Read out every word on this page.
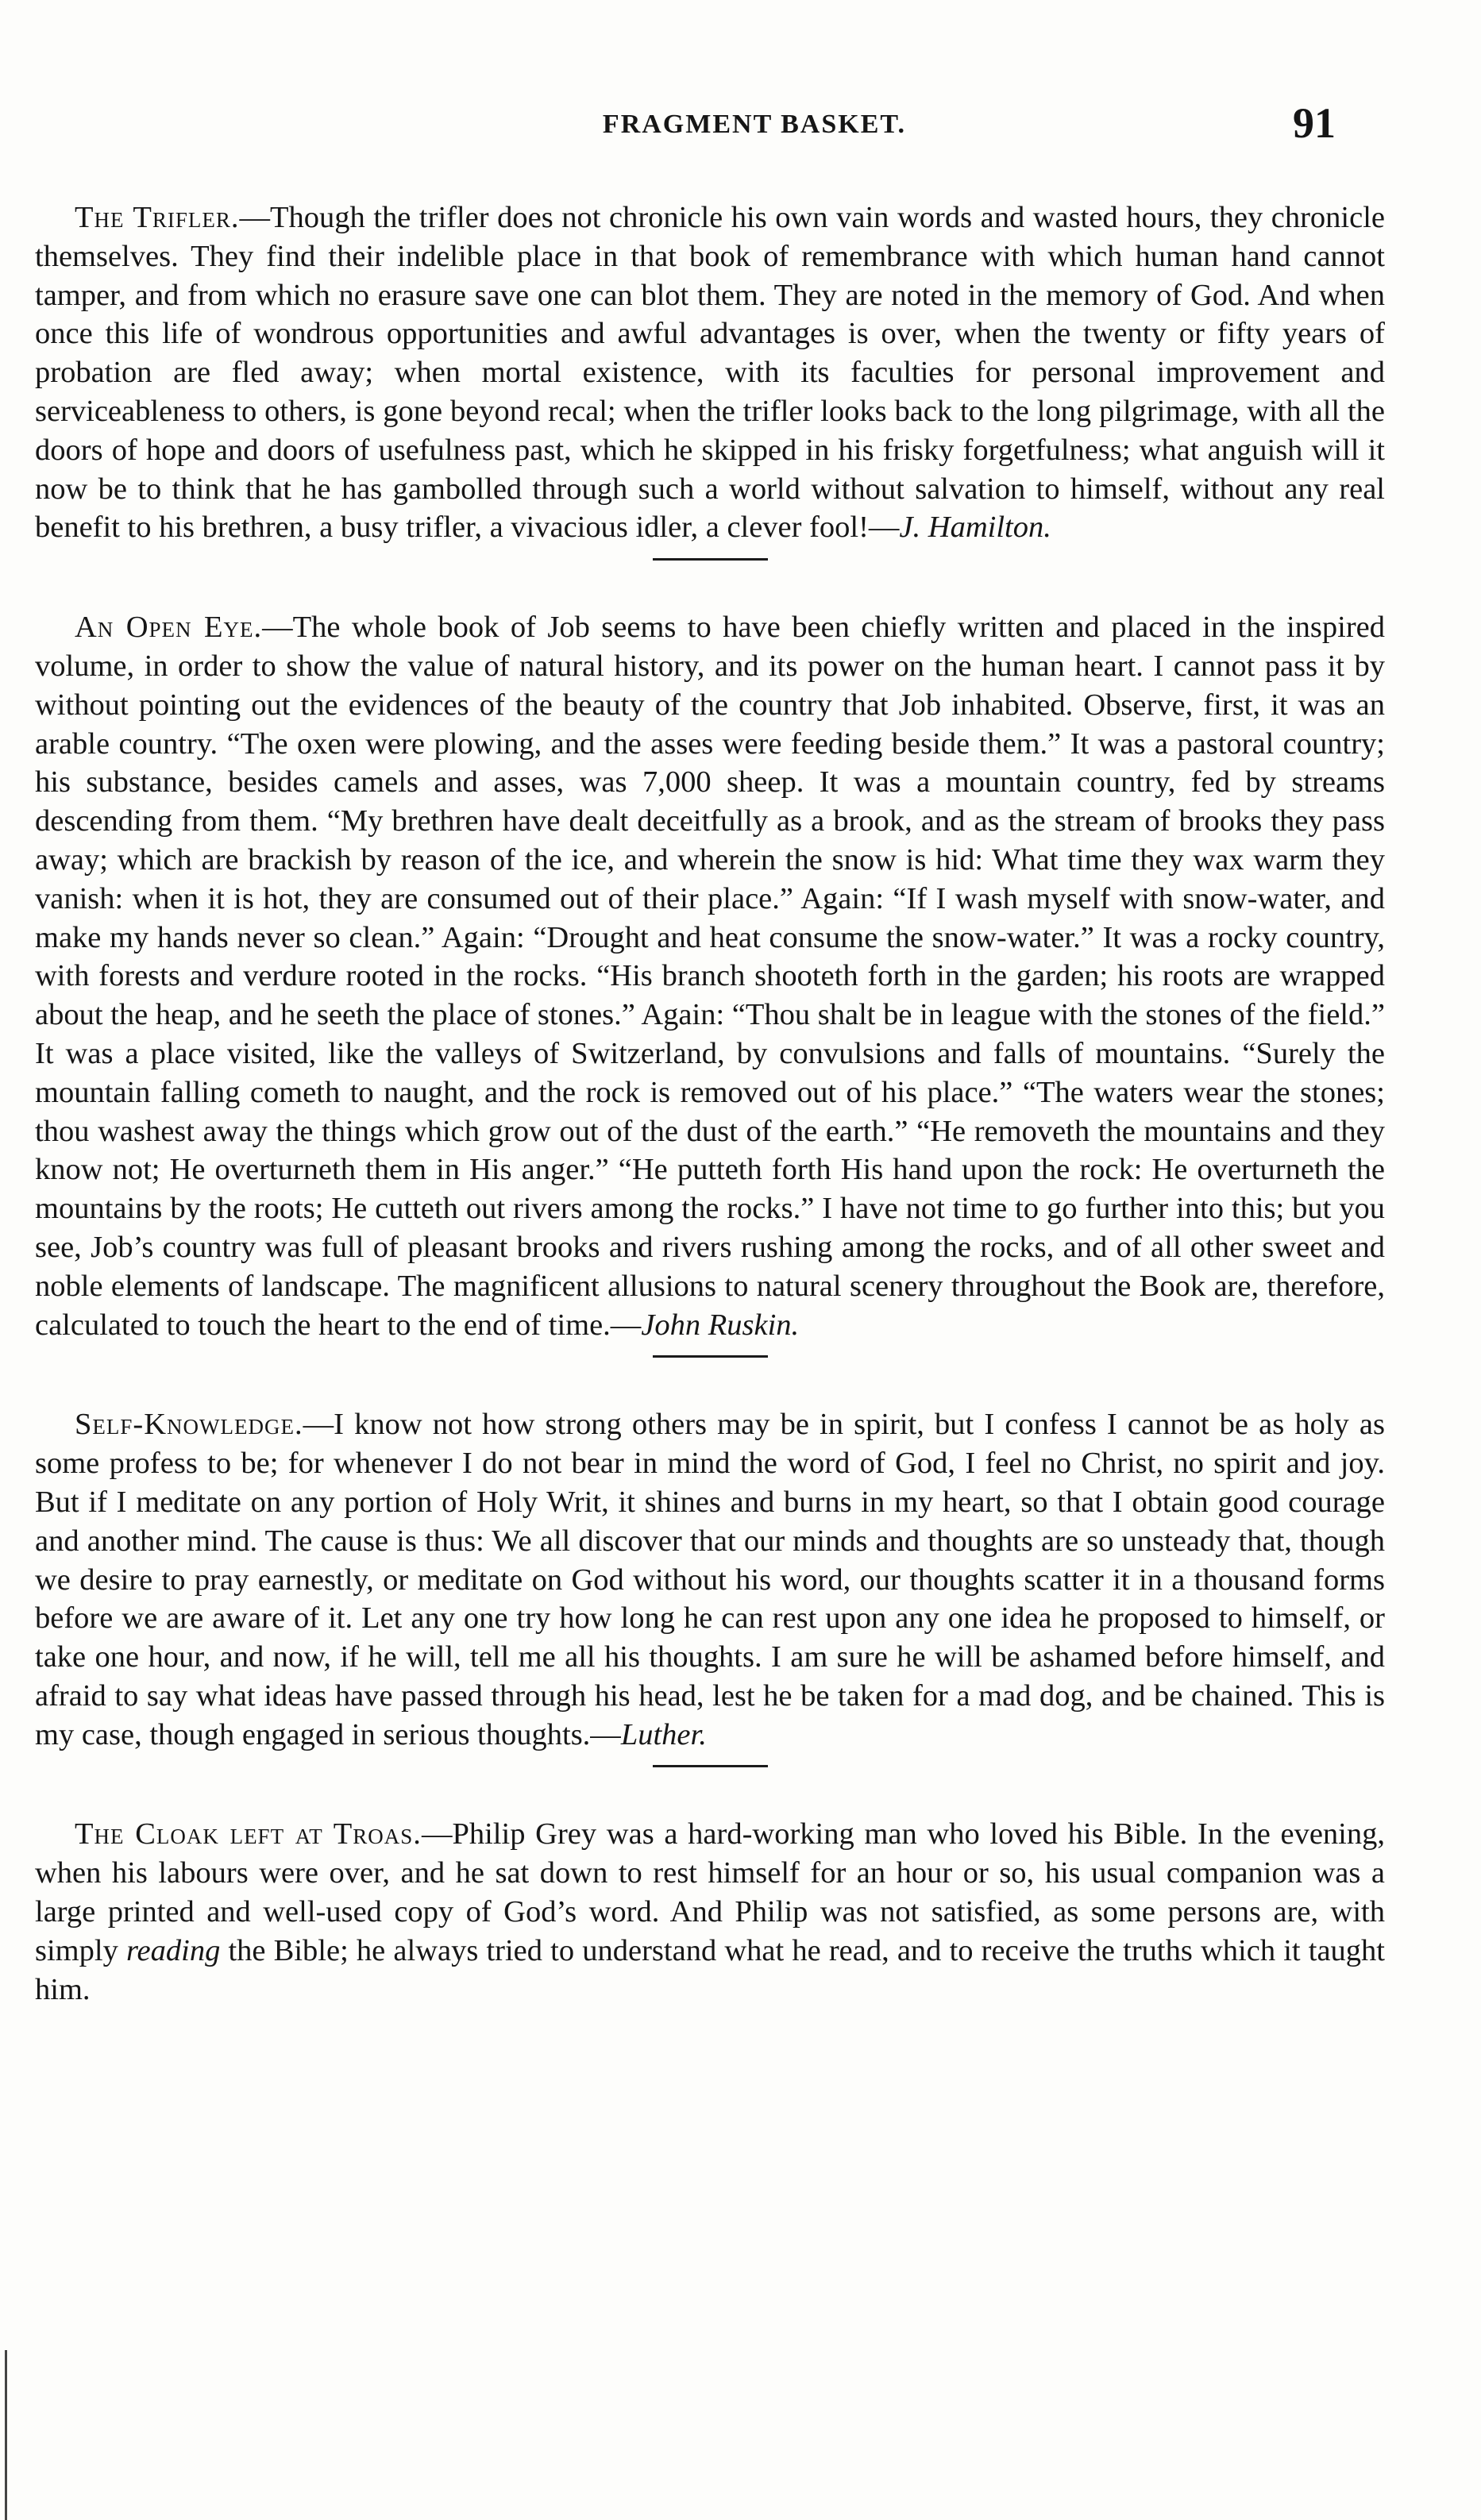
FRAGMENT BASKET.	91

The Trifler.—Though the trifler does not chronicle his own vain words and wasted hours, they chronicle themselves. They find their indelible place in that book of remembrance with which human hand cannot tamper, and from which no erasure save one can blot them. They are noted in the memory of God. And when once this life of wondrous opportunities and awful advantages is over, when the twenty or fifty years of probation are fled away; when mortal existence, with its faculties for personal improvement and serviceableness to others, is gone beyond recal; when the trifler looks back to the long pilgrimage, with all the doors of hope and doors of usefulness past, which he skipped in his frisky forgetfulness; what anguish will it now be to think that he has gambolled through such a world without salvation to himself, without any real benefit to his brethren, a busy trifler, a vivacious idler, a clever fool!—J. Hamilton.

An Open Eye.—The whole book of Job seems to have been chiefly written and placed in the inspired volume, in order to show the value of natural history, and its power on the human heart. I cannot pass it by without pointing out the evidences of the beauty of the country that Job inhabited. Observe, first, it was an arable country. “The oxen were plowing, and the asses were feeding beside them.” It was a pastoral country; his substance, besides camels and asses, was 7,000 sheep. It was a mountain country, fed by streams descending from them. “My brethren have dealt deceitfully as a brook, and as the stream of brooks they pass away; which are brackish by reason of the ice, and wherein the snow is hid: What time they wax warm they vanish: when it is hot, they are consumed out of their place.” Again: “If I wash myself with snow-water, and make my hands never so clean.” Again: “Drought and heat consume the snow-water.” It was a rocky country, with forests and verdure rooted in the rocks. “His branch shooteth forth in the garden; his roots are wrapped about the heap, and he seeth the place of stones.” Again: “Thou shalt be in league with the stones of the field.” It was a place visited, like the valleys of Switzerland, by convulsions and falls of mountains. “Surely the mountain falling cometh to naught, and the rock is removed out of his place.” “The waters wear the stones; thou washest away the things which grow out of the dust of the earth.” “He removeth the mountains and they know not; He overturneth them in His anger.” “He putteth forth His hand upon the rock: He overturneth the mountains by the roots; He cutteth out rivers among the rocks.” I have not time to go further into this; but you see, Job’s country was full of pleasant brooks and rivers rushing among the rocks, and of all other sweet and noble elements of landscape. The magnificent allusions to natural scenery throughout the Book are, therefore, calculated to touch the heart to the end of time.—John Ruskin.

Self-Knowledge.—I know not how strong others may be in spirit, but I confess I cannot be as holy as some profess to be; for whenever I do not bear in mind the word of God, I feel no Christ, no spirit and joy. But if I meditate on any portion of Holy Writ, it shines and burns in my heart, so that I obtain good courage and another mind. The cause is thus: We all discover that our minds and thoughts are so unsteady that, though we desire to pray earnestly, or meditate on God without his word, our thoughts scatter it in a thousand forms before we are aware of it. Let any one try how long he can rest upon any one idea he proposed to himself, or take one hour, and now, if he will, tell me all his thoughts. I am sure he will be ashamed before himself, and afraid to say what ideas have passed through his head, lest he be taken for a mad dog, and be chained. This is my case, though engaged in serious thoughts.—Luther.

The Cloak left at Troas.—Philip Grey was a hard-working man who loved his Bible. In the evening, when his labours were over, and he sat down to rest himself for an hour or so, his usual companion was a large printed and well-used copy of God’s word. And Philip was not satisfied, as some persons are, with simply reading the Bible; he always tried to understand what he read, and to receive the truths which it taught him.
